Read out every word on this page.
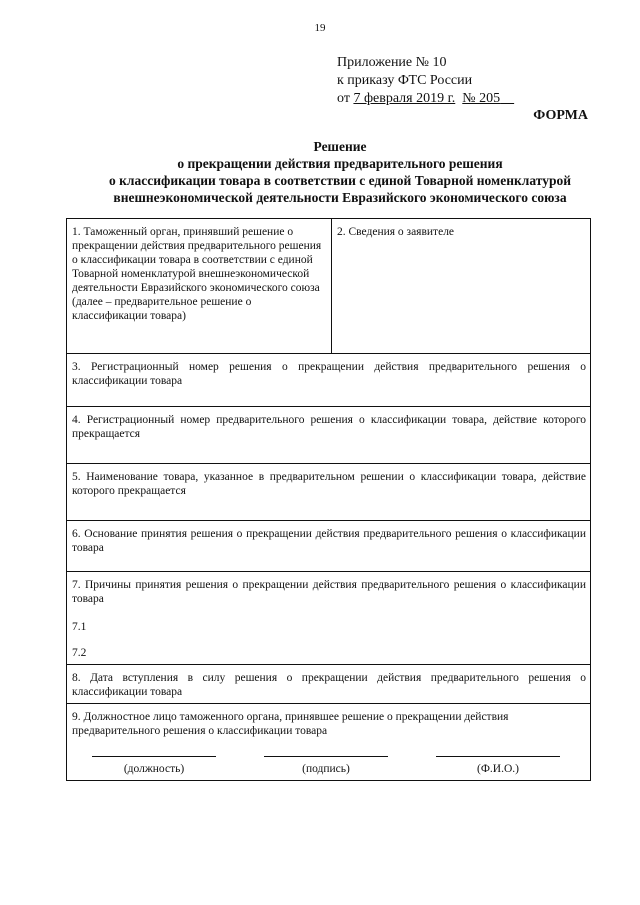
19
Приложение № 10
к приказу ФТС России
от 7 февраля 2019 г. № 205
ФОРМА
Решение
о прекращении действия предварительного решения
о классификации товара в соответствии с единой Товарной номенклатурой
внешнеэкономической деятельности Евразийского экономического союза
1. Таможенный орган, принявший решение о прекращении действия предварительного решения о классификации товара в соответствии с единой Товарной номенклатурой внешнеэкономической деятельности Евразийского экономического союза (далее – предварительное решение о классификации товара)	2. Сведения о заявителе
3. Регистрационный номер решения о прекращении действия предварительного решения о классификации товара
4. Регистрационный номер предварительного решения о классификации товара, действие которого прекращается
5. Наименование товара, указанное в предварительном решении о классификации товара, действие которого прекращается
6. Основание принятия решения о прекращении действия предварительного решения о классификации товара

7. Причины принятия решения о прекращении действия предварительного решения о классификации товара
7.1
7.2

8. Дата вступления в силу решения о прекращении действия предварительного решения о классификации товара

9. Должностное лицо таможенного органа, принявшее решение о прекращении действия предварительного решения о классификации товара
(должность)	(подпись)	(Ф.И.О.)
